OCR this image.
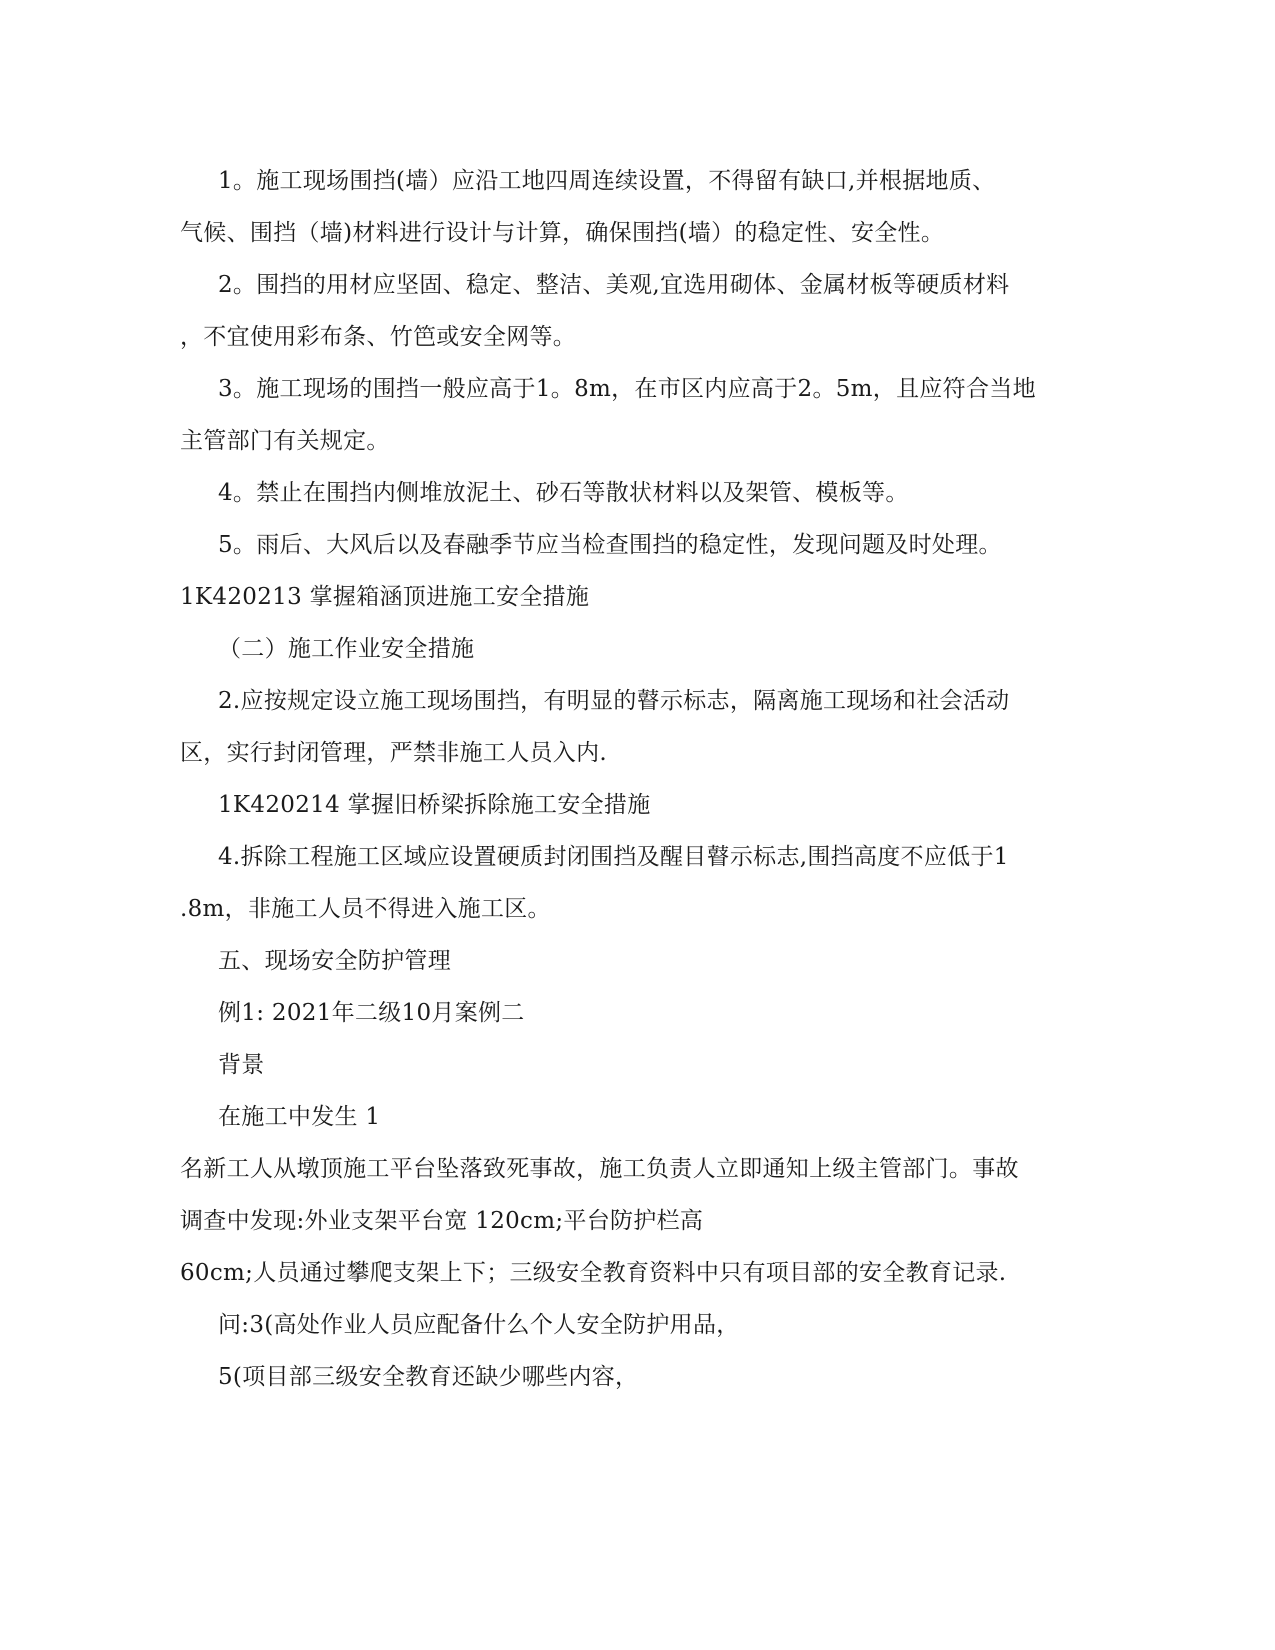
1。施工现场围挡(墙）应沿工地四周连续设置，不得留有缺口,并根据地质、
气候、围挡（墙)材料进行设计与计算，确保围挡(墙）的稳定性、安全性。
2。围挡的用材应坚固、稳定、整洁、美观,宜选用砌体、金属材板等硬质材料
，不宜使用彩布条、竹笆或安全网等。
3。施工现场的围挡一般应高于1。8m，在市区内应高于2。5m，且应符合当地
主管部门有关规定。
4。禁止在围挡内侧堆放泥土、砂石等散状材料以及架管、模板等。
5。雨后、大风后以及春融季节应当检查围挡的稳定性，发现问题及时处理。
1K420213 掌握箱涵顶进施工安全措施
（二）施工作业安全措施
2.应按规定设立施工现场围挡，有明显的瞽示标志，隔离施工现场和社会活动
区，实行封闭管理，严禁非施工人员入内.
1K420214 掌握旧桥梁拆除施工安全措施
4.拆除工程施工区域应设置硬质封闭围挡及醒目瞽示标志,围挡高度不应低于1
.8m，非施工人员不得进入施工区。
五、现场安全防护管理
例1: 2021年二级10月案例二
背景
在施工中发生 1
名新工人从墩顶施工平台坠落致死事故，施工负责人立即通知上级主管部门。事故
调查中发现:外业支架平台宽 120cm;平台防护栏高
60cm;人员通过攀爬支架上下；三级安全教育资料中只有项目部的安全教育记录.
问:3(高处作业人员应配备什么个人安全防护用品，
5(项目部三级安全教育还缺少哪些内容，
